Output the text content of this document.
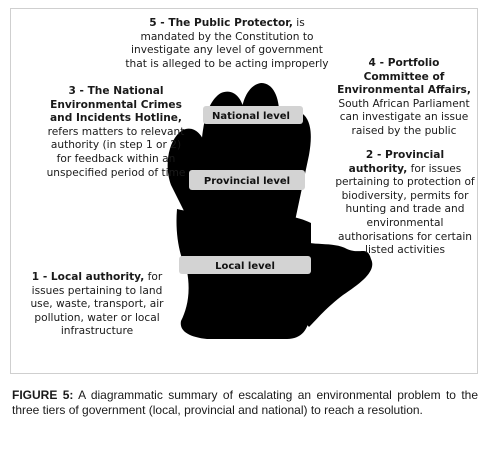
National level
Provincial level
Local level
5 - The Public Protector, is mandated by the Constitution to investigate any level of government that is alleged to be acting improperly	4 - Portfolio Committee of Environmental Affairs, South African Parliament can investigate an issue raised by the public
3 - The National Environmental Crimes and Incidents Hotline, refers matters to relevant authority (in step 1 or 2) for feedback within an unspecified period of time
2 - Provincial authority, for issues pertaining to protection of biodiversity, permits for hunting and trade and environmental authorisations for certain listed activities
1 - Local authority, for issues pertaining to land use, waste, transport, air pollution, water or local infrastructure
FIGURE 5: A diagrammatic summary of escalating an environmental problem to the three tiers of government (local, provincial and national) to reach a resolution.
